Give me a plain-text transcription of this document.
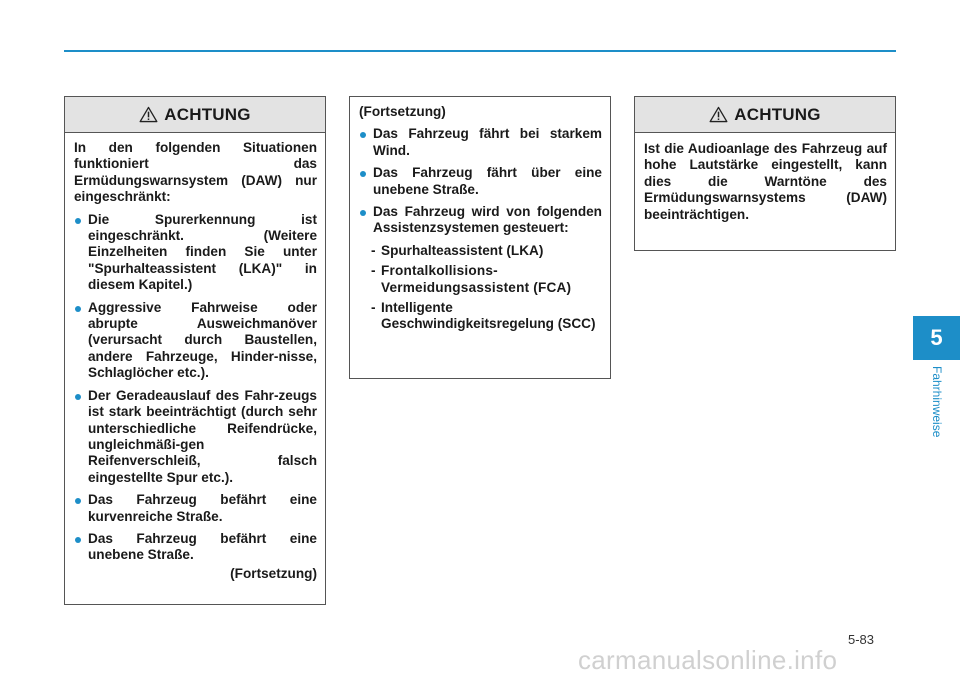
ACHTUNG
In den folgenden Situationen funktioniert das Ermüdungswarnsystem (DAW) nur eingeschränkt:
Die Spurerkennung ist eingeschränkt. (Weitere Einzelheiten finden Sie unter "Spurhalteassistent (LKA)" in diesem Kapitel.)
Aggressive Fahrweise oder abrupte Ausweichmanöver (verursacht durch Baustellen, andere Fahrzeuge, Hinder-nisse, Schlaglöcher etc.).
Der Geradeauslauf des Fahr-zeugs ist stark beeinträchtigt (durch sehr unterschiedliche Reifendrücke, ungleichmäßi-gen Reifenverschleiß, falsch eingestellte Spur etc.).
Das Fahrzeug befährt eine kurvenreiche Straße.
Das Fahrzeug befährt eine unebene Straße.
(Fortsetzung)
(Fortsetzung)
Das Fahrzeug fährt bei starkem Wind.
Das Fahrzeug fährt über eine unebene Straße.
Das Fahrzeug wird von folgenden Assistenzsystemen gesteuert:
- Spurhalteassistent (LKA)
- Frontalkollisions-Vermeidungsassistent (FCA)
- Intelligente Geschwindigkeitsregelung (SCC)
ACHTUNG
Ist die Audioanlage des Fahrzeug auf hohe Lautstärke eingestellt, kann dies die Warntöne des Ermüdungswarnsystems (DAW) beeinträchtigen.
5
Fahrhinweise
5-83
carmanualsonline.info
